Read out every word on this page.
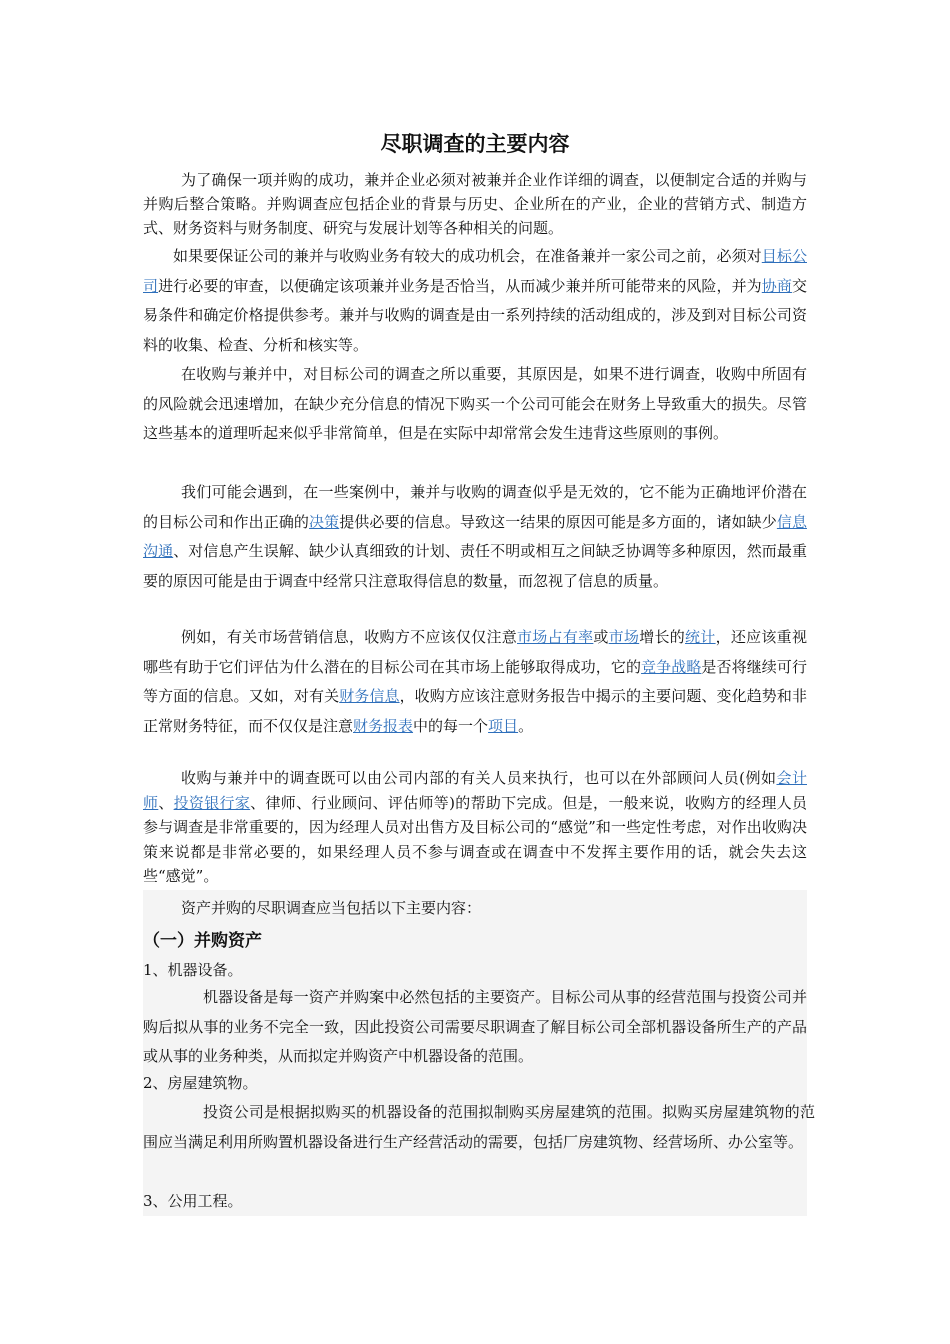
尽职调查的主要内容

为了确保一项并购的成功，兼并企业必须对被兼并企业作详细的调查，以便制定合适的并购与并购后整合策略。并购调查应包括企业的背景与历史、企业所在的产业，企业的营销方式、制造方式、财务资料与财务制度、研究与发展计划等各种相关的问题。

如果要保证公司的兼并与收购业务有较大的成功机会，在准备兼并一家公司之前，必须对目标公司进行必要的审查，以便确定该项兼并业务是否恰当，从而减少兼并所可能带来的风险，并为协商交易条件和确定价格提供参考。兼并与收购的调查是由一系列持续的活动组成的，涉及到对目标公司资料的收集、检查、分析和核实等。

在收购与兼并中，对目标公司的调查之所以重要，其原因是，如果不进行调查，收购中所固有的风险就会迅速增加，在缺少充分信息的情况下购买一个公司可能会在财务上导致重大的损失。尽管这些基本的道理听起来似乎非常简单，但是在实际中却常常会发生违背这些原则的事例。

我们可能会遇到，在一些案例中，兼并与收购的调查似乎是无效的，它不能为正确地评价潜在的目标公司和作出正确的决策提供必要的信息。导致这一结果的原因可能是多方面的，诸如缺少信息沟通、对信息产生误解、缺少认真细致的计划、责任不明或相互之间缺乏协调等多种原因，然而最重要的原因可能是由于调查中经常只注意取得信息的数量，而忽视了信息的质量。

例如，有关市场营销信息，收购方不应该仅仅注意市场占有率或市场增长的统计，还应该重视哪些有助于它们评估为什么潜在的目标公司在其市场上能够取得成功，它的竞争战略是否将继续可行等方面的信息。又如，对有关财务信息，收购方应该注意财务报告中揭示的主要问题、变化趋势和非正常财务特征，而不仅仅是注意财务报表中的每一个项目。

收购与兼并中的调查既可以由公司内部的有关人员来执行，也可以在外部顾问人员(例如会计师、投资银行家、律师、行业顾问、评估师等)的帮助下完成。但是，一般来说，收购方的经理人员参与调查是非常重要的，因为经理人员对出售方及目标公司的“感觉”和一些定性考虑，对作出收购决策来说都是非常必要的，如果经理人员不参与调查或在调查中不发挥主要作用的话，就会失去这些“感觉”。

资产并购的尽职调查应当包括以下主要内容：

（一）并购资产
1、机器设备。

机器设备是每一资产并购案中必然包括的主要资产。目标公司从事的经营范围与投资公司并购后拟从事的业务不完全一致，因此投资公司需要尽职调查了解目标公司全部机器设备所生产的产品或从事的业务种类，从而拟定并购资产中机器设备的范围。

2、房屋建筑物。

投资公司是根据拟购买的机器设备的范围拟制购买房屋建筑的范围。拟购买房屋建筑物的范围应当满足利用所购置机器设备进行生产经营活动的需要，包括厂房建筑物、经营场所、办公室等。

3、公用工程。
